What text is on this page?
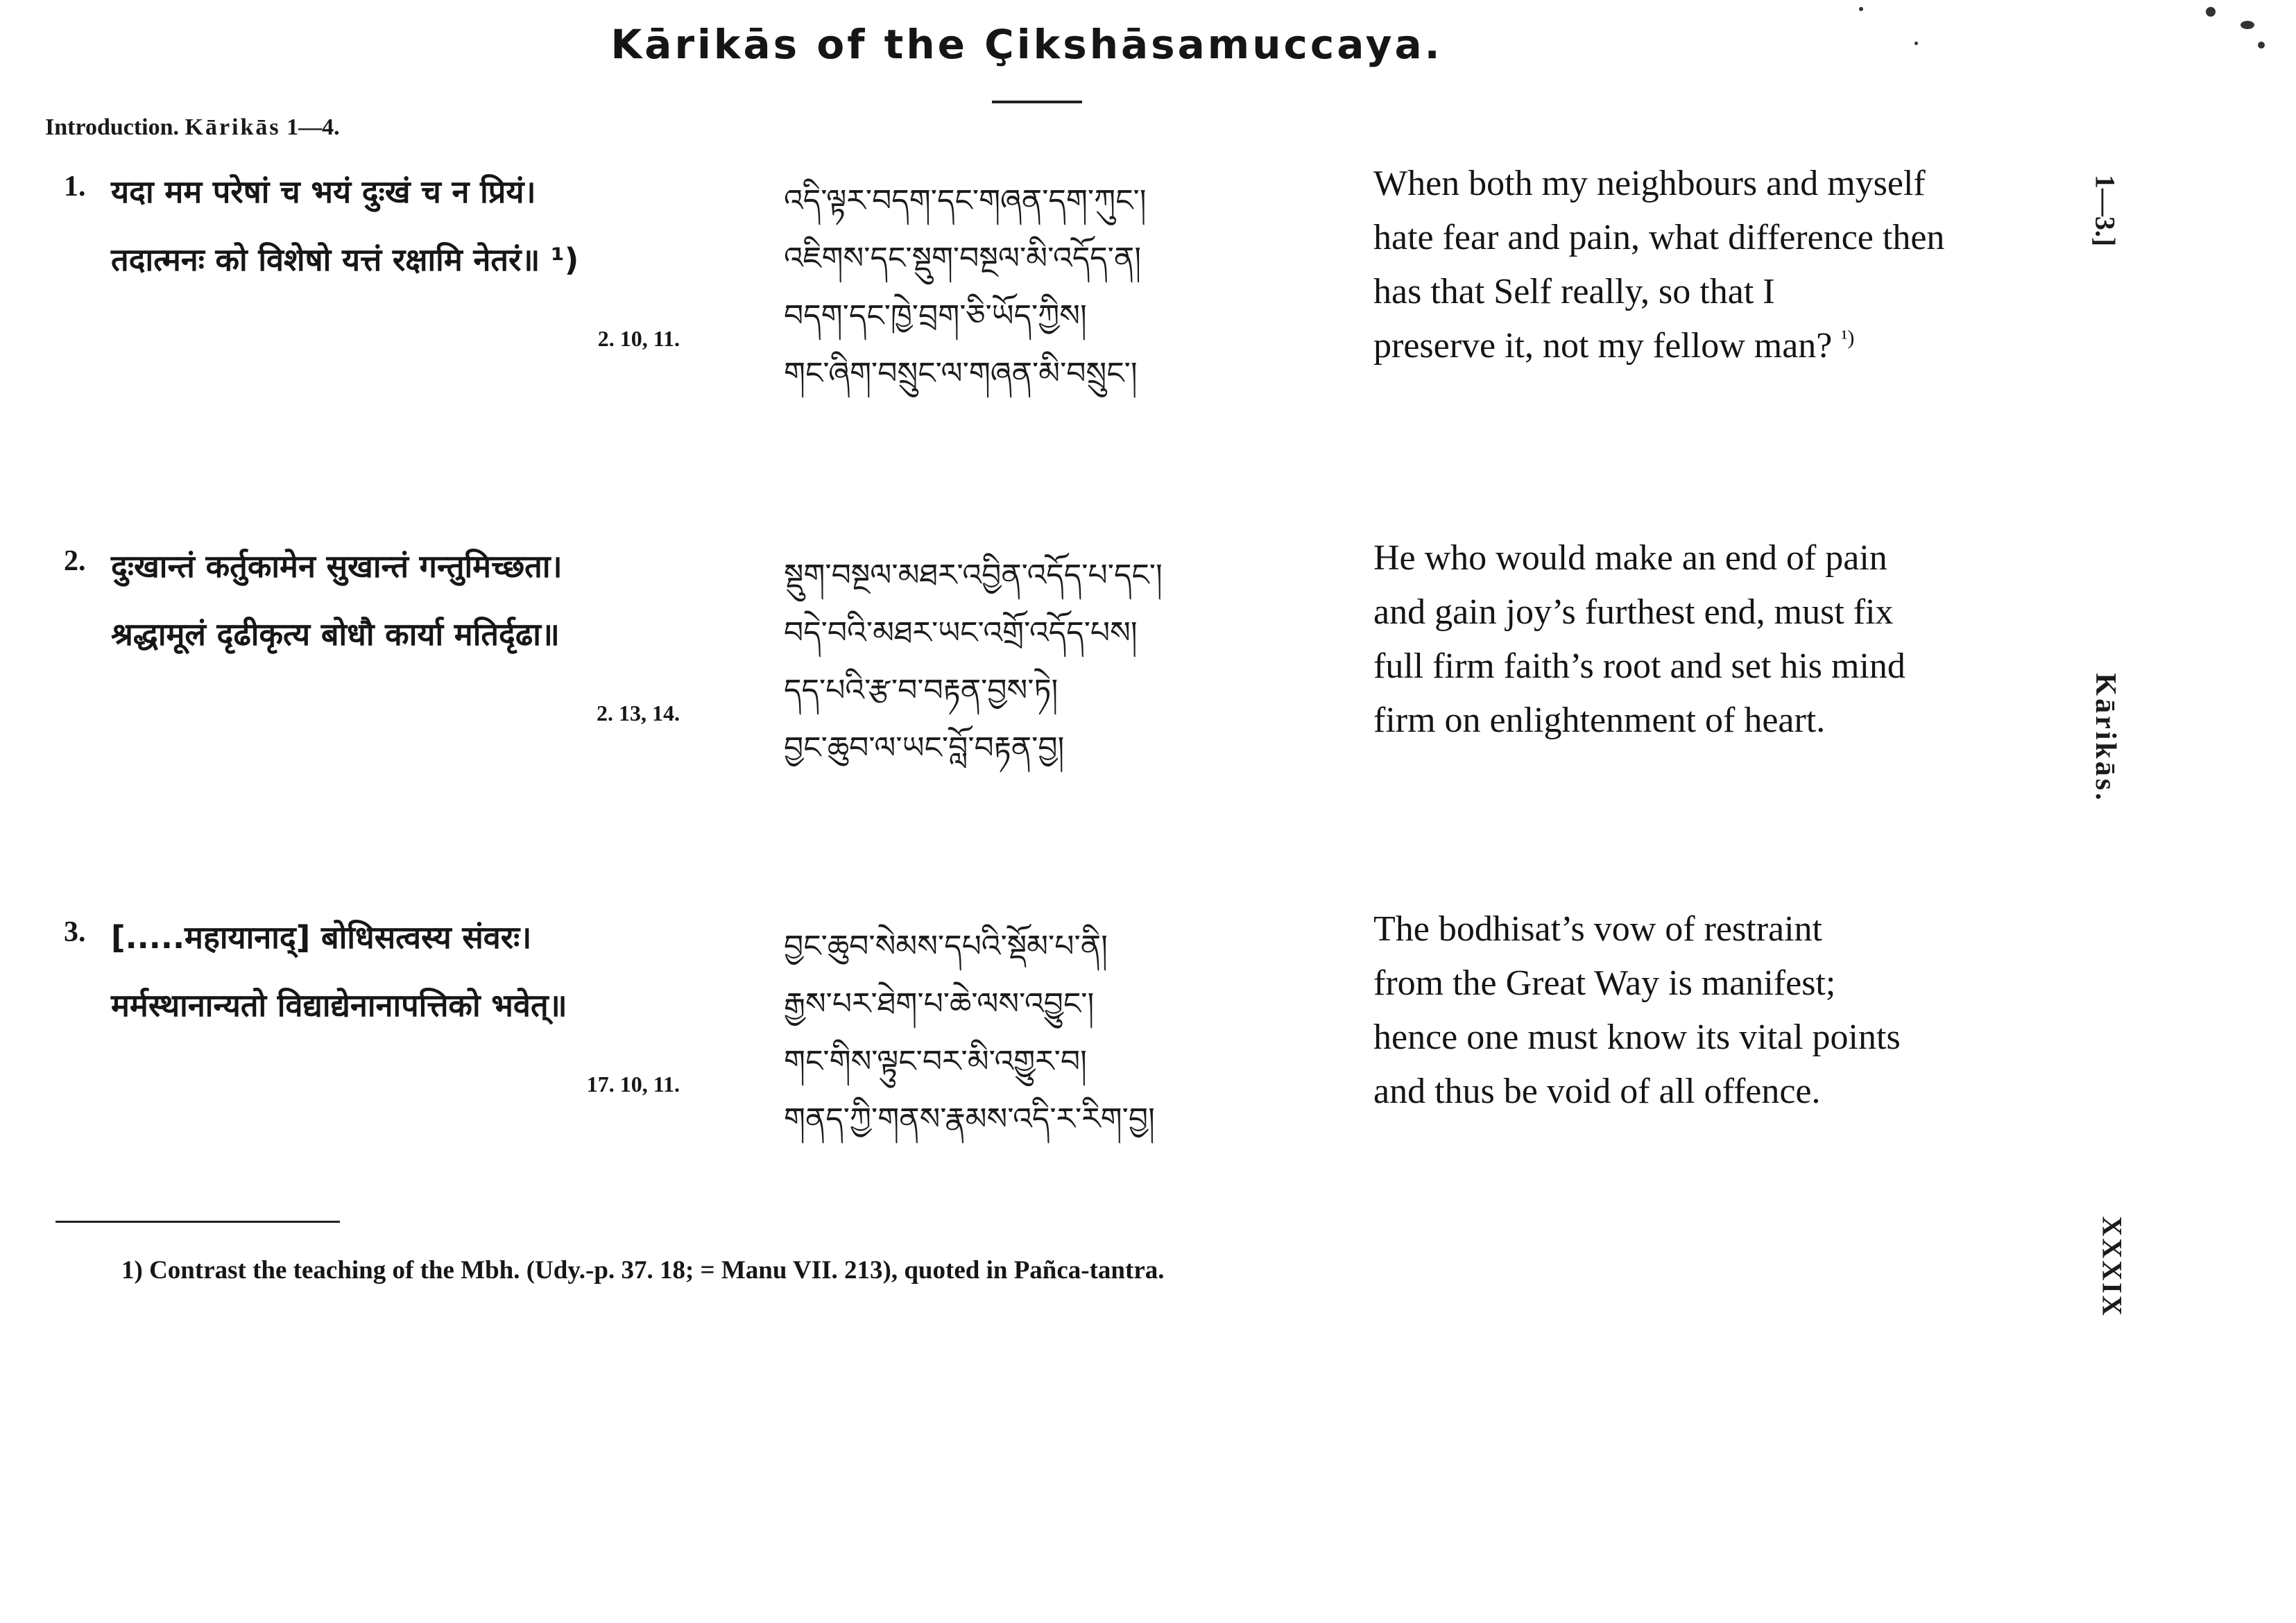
Kārikās of the Çikshāsamuccaya.
Introduction. Kārikās 1—4.
1. यदा मम परेषां च भयं दुःखं च न प्रियं।
तदात्मनः को विशेषो यत्तं रक्षामि नेतरं॥ ¹)
2. 10, 11.
འདི་ལྟར་བདག་དང་གཞན་དག་ཀུང་།
འཇིགས་དང་སྡུག་བསྔལ་མི་འདོད་ན།
བདག་དང་ཁྱེ་བྲག་ཅི་ཡོད་ཀྱིས།
གང་ཞིག་བསྲུང་ལ་གཞན་མི་བསྲུང་།
When both my neighbours and myself
hate fear and pain, what difference then
has that Self really, so that I
preserve it, not my fellow man? $^{^1)}$
2. दुःखान्तं कर्तुकामेन सुखान्तं गन्तुमिच्छता।
श्रद्धामूलं दृढीकृत्य बोधौ कार्या मतिर्दृढा॥
2. 13, 14.
སྡུག་བསྔལ་མཐར་འབྱིན་འདོད་པ་དང་།
བདེ་བའི་མཐར་ཡང་འགྲོ་འདོད་པས།
དད་པའི་རྩ་བ་བརྟན་བྱས་ཏེ།
བྱང་ཆུབ་ལ་ཡང་བློ་བརྟན་བྱ།
He who would make an end of pain
and gain joy’s furthest end, must fix
full firm faith’s root and set his mind
firm on enlightenment of heart.
3. [.....महायानाद्] बोधिसत्वस्य संवरः।
मर्मस्थानान्यतो विद्याद्येनानापत्तिको भवेत्॥
17. 10, 11.
བྱང་ཆུབ་སེམས་དཔའི་སྡོམ་པ་ནི།
རྒྱས་པར་ཐེག་པ་ཆེ་ལས་འབྱུང་།
གང་གིས་ལྟུང་བར་མི་འགྱུར་བ།
གནད་ཀྱི་གནས་རྣམས་འདི་ར་རིག་བྱ།
The bodhisat’s vow of restraint
from the Great Way is manifest;
hence one must know its vital points
and thus be void of all offence.
1) Contrast the teaching of the Mbh. (Udy.-p. 37. 18; = Manu VII. 213), quoted in Pañca-tantra.
1—3.]
Kārikās.
XXXIX
